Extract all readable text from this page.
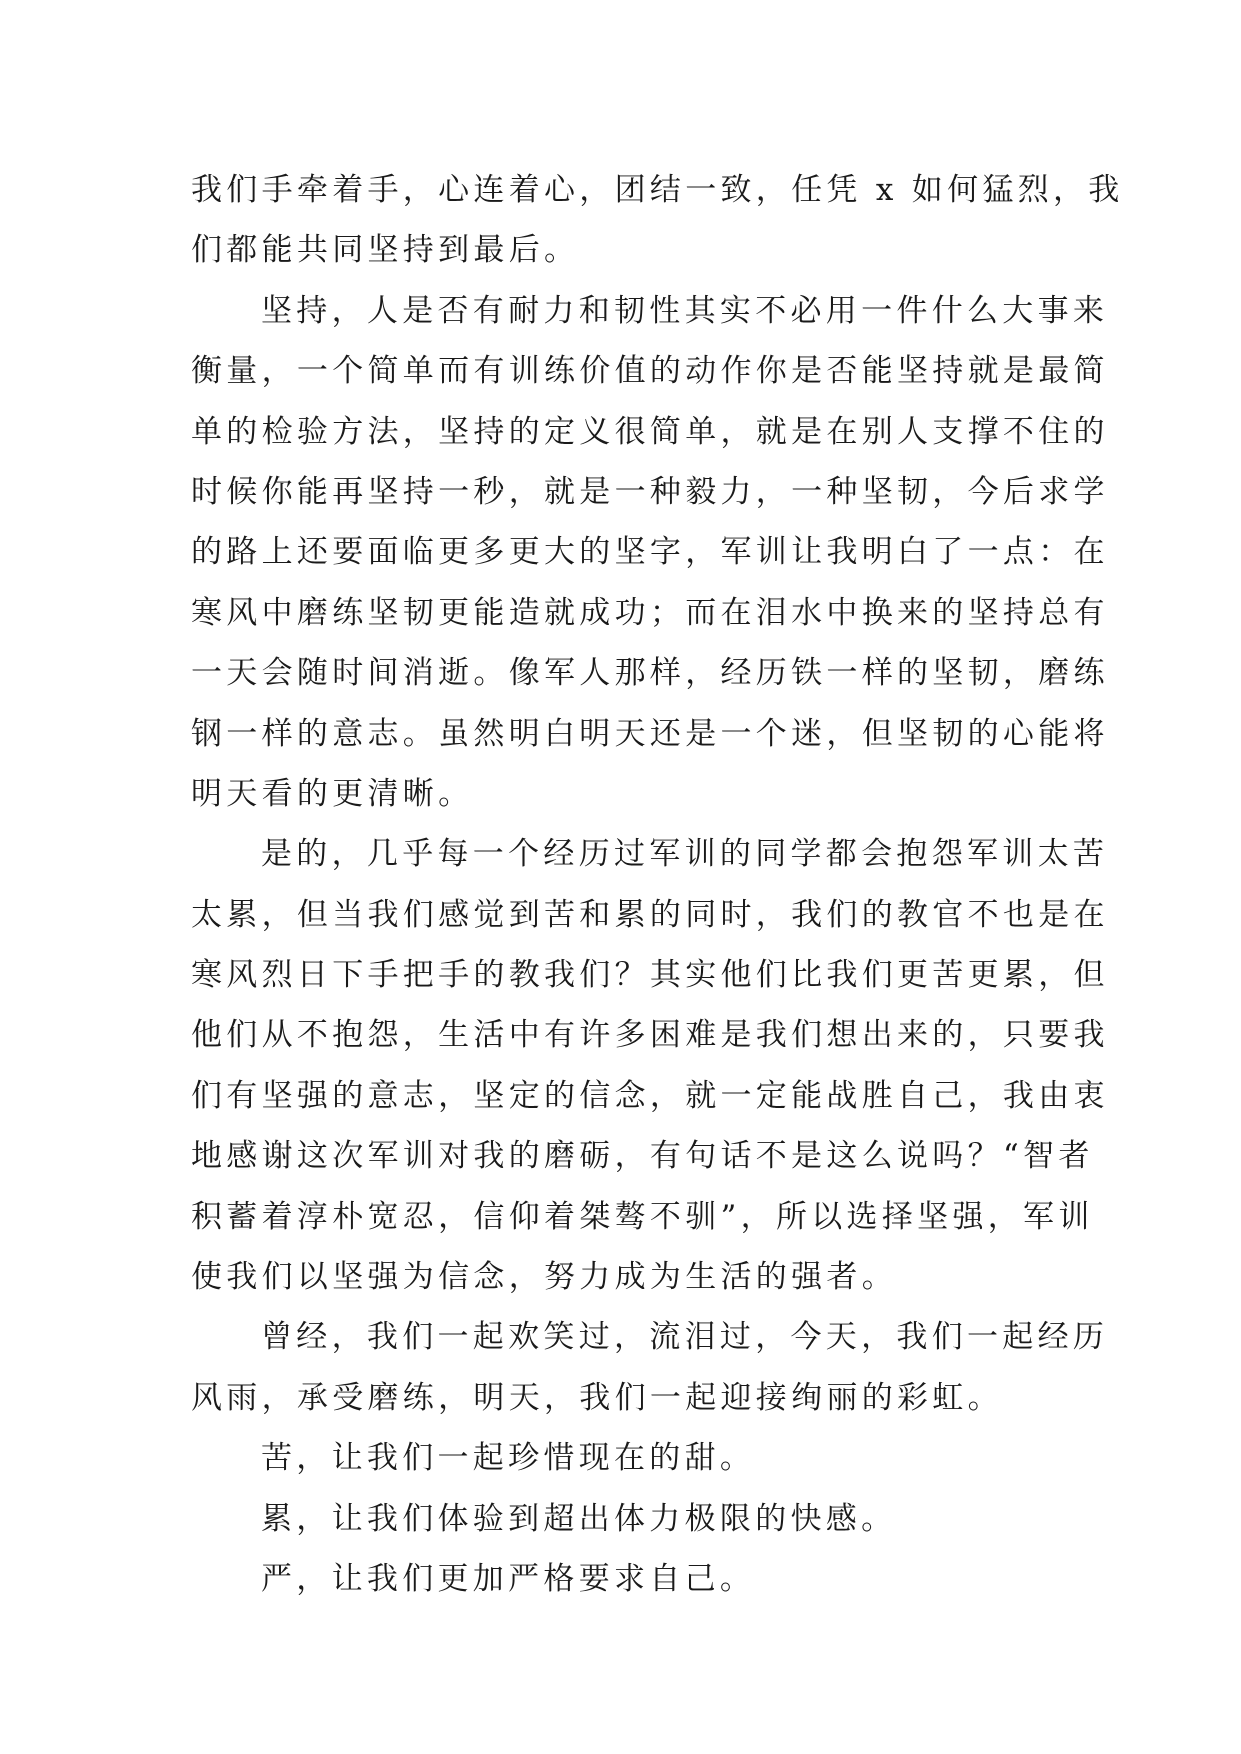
我们手牵着手，心连着心，团结一致，任凭 x 如何猛烈，我
们都能共同坚持到最后。
坚持，人是否有耐力和韧性其实不必用一件什么大事来
衡量，一个简单而有训练价值的动作你是否能坚持就是最简
单的检验方法，坚持的定义很简单，就是在别人支撑不住的
时候你能再坚持一秒，就是一种毅力，一种坚韧，今后求学
的路上还要面临更多更大的坚字，军训让我明白了一点：在
寒风中磨练坚韧更能造就成功；而在泪水中换来的坚持总有
一天会随时间消逝。像军人那样，经历铁一样的坚韧，磨练
钢一样的意志。虽然明白明天还是一个迷，但坚韧的心能将
明天看的更清晰。
是的，几乎每一个经历过军训的同学都会抱怨军训太苦
太累，但当我们感觉到苦和累的同时，我们的教官不也是在
寒风烈日下手把手的教我们？其实他们比我们更苦更累，但
他们从不抱怨，生活中有许多困难是我们想出来的，只要我
们有坚强的意志，坚定的信念，就一定能战胜自己，我由衷
地感谢这次军训对我的磨砺，有句话不是这么说吗？“智者
积蓄着淳朴宽忍，信仰着桀骜不驯”，所以选择坚强，军训
使我们以坚强为信念，努力成为生活的强者。
曾经，我们一起欢笑过，流泪过，今天，我们一起经历
风雨，承受磨练，明天，我们一起迎接绚丽的彩虹。
苦，让我们一起珍惜现在的甜。
累，让我们体验到超出体力极限的快感。
严，让我们更加严格要求自己。
